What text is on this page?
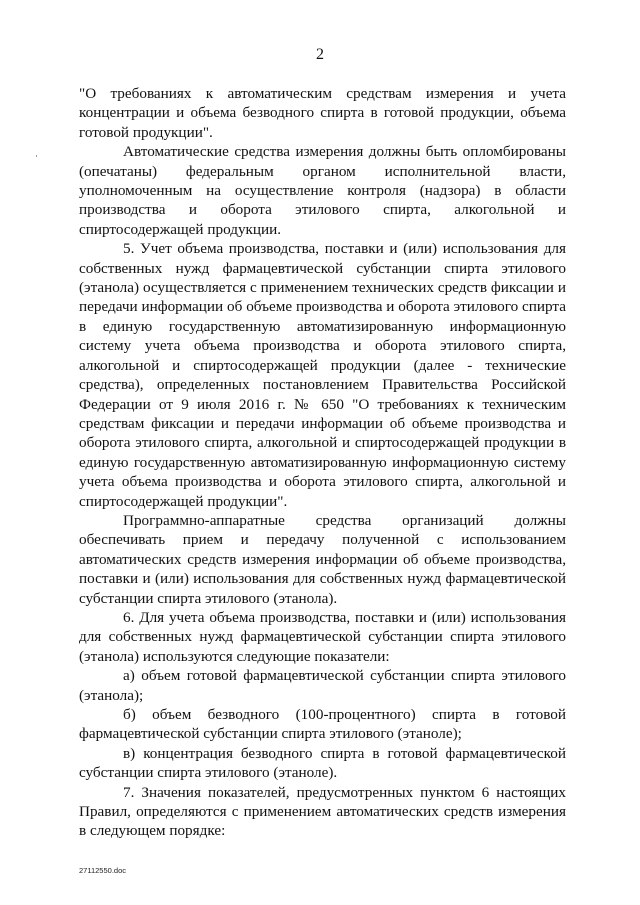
2

"О требованиях к автоматическим средствам измерения и учета концентрации и объема безводного спирта в готовой продукции, объема готовой продукции".

Автоматические средства измерения должны быть опломбированы (опечатаны) федеральным органом исполнительной власти, уполномоченным на осуществление контроля (надзора) в области производства и оборота этилового спирта, алкогольной и спиртосодержащей продукции.

5. Учет объема производства, поставки и (или) использования для собственных нужд фармацевтической субстанции спирта этилового (этанола) осуществляется с применением технических средств фиксации и передачи информации об объеме производства и оборота этилового спирта в единую государственную автоматизированную информационную систему учета объема производства и оборота этилового спирта, алкогольной и спиртосодержащей продукции (далее - технические средства), определенных постановлением Правительства Российской Федерации от 9 июля 2016 г. № 650 "О требованиях к техническим средствам фиксации и передачи информации об объеме производства и оборота этилового спирта, алкогольной и спиртосодержащей продукции в единую государственную автоматизированную информационную систему учета объема производства и оборота этилового спирта, алкогольной и спиртосодержащей продукции".

Программно-аппаратные средства организаций должны обеспечивать прием и передачу полученной с использованием автоматических средств измерения информации об объеме производства, поставки и (или) использования для собственных нужд фармацевтической субстанции спирта этилового (этанола).

6. Для учета объема производства, поставки и (или) использования для собственных нужд фармацевтической субстанции спирта этилового (этанола) используются следующие показатели:

а) объем готовой фармацевтической субстанции спирта этилового (этанола);

б) объем безводного (100-процентного) спирта в готовой фармацевтической субстанции спирта этилового (этаноле);

в) концентрация безводного спирта в готовой фармацевтической субстанции спирта этилового (этаноле).

7. Значения показателей, предусмотренных пунктом 6 настоящих Правил, определяются с применением автоматических средств измерения в следующем порядке:

27112550.doc
